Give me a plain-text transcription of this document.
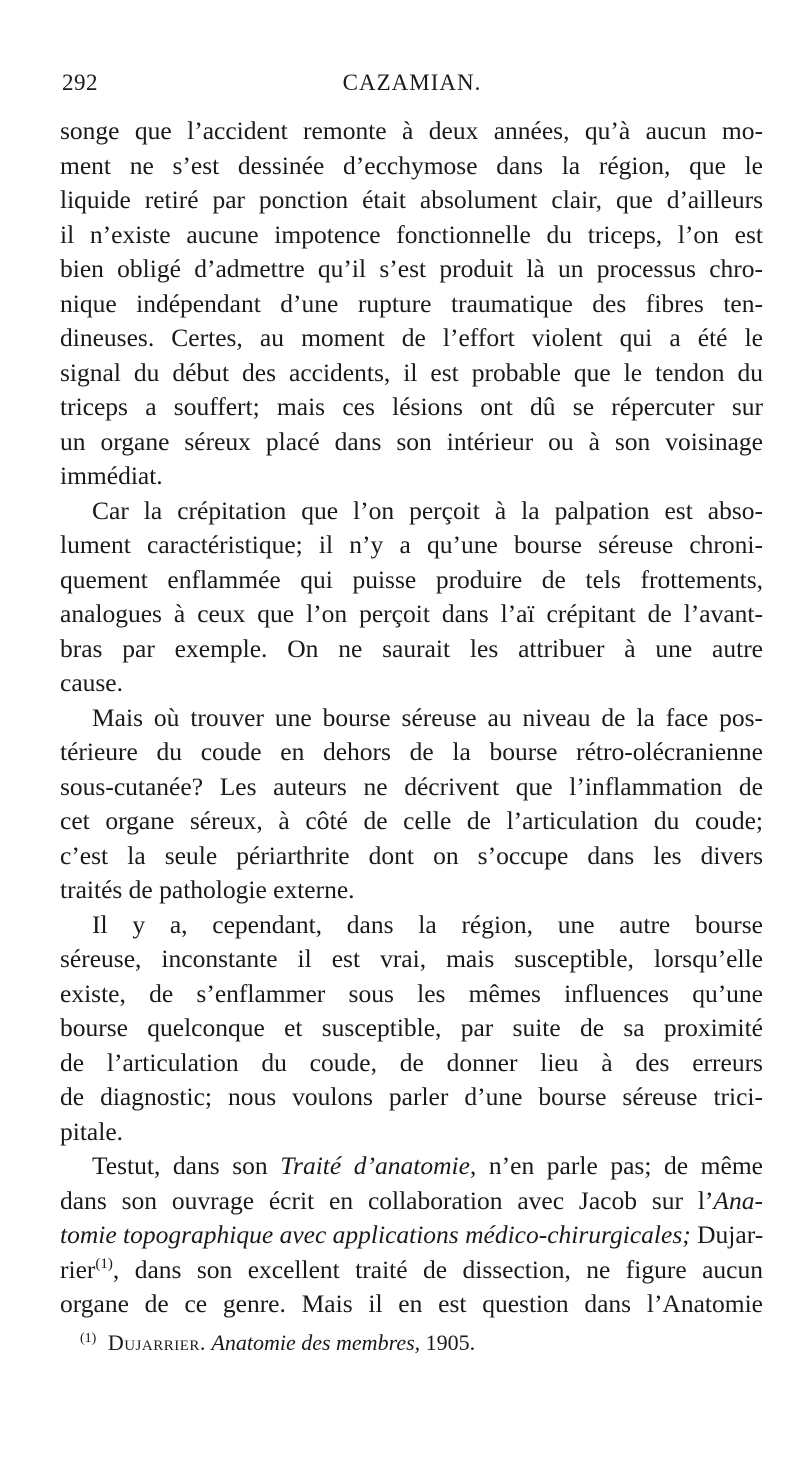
292	CAZAMIAN.
songe que l’accident remonte à deux années, qu’à aucun mo-
ment ne s’est dessinée d’ecchymose dans la région, que le
liquide retiré par ponction était absolument clair, que d’ailleurs
il n’existe aucune impotence fonctionnelle du triceps, l’on est
bien obligé d’admettre qu’il s’est produit là un processus chro-
nique indépendant d’une rupture traumatique des fibres ten-
dineuses. Certes, au moment de l’effort violent qui a été le
signal du début des accidents, il est probable que le tendon du
triceps a souffert; mais ces lésions ont dû se répercuter sur
un organe séreux placé dans son intérieur ou à son voisinage
immédiat.
Car la crépitation que l’on perçoit à la palpation est abso-
lument caractéristique; il n’y a qu’une bourse séreuse chroni-
quement enflammée qui puisse produire de tels frottements,
analogues à ceux que l’on perçoit dans l’aï crépitant de l’avant-
bras par exemple. On ne saurait les attribuer à une autre
cause.
Mais où trouver une bourse séreuse au niveau de la face pos-
térieure du coude en dehors de la bourse rétro-olécranienne
sous-cutanée? Les auteurs ne décrivent que l’inflammation de
cet organe séreux, à côté de celle de l’articulation du coude;
c’est la seule périarthrite dont on s’occupe dans les divers
traités de pathologie externe.
Il y a, cependant, dans la région, une autre bourse
séreuse, inconstante il est vrai, mais susceptible, lorsqu’elle
existe, de s’enflammer sous les mêmes influences qu’une
bourse quelconque et susceptible, par suite de sa proximité
de l’articulation du coude, de donner lieu à des erreurs
de diagnostic; nous voulons parler d’une bourse séreuse trici-
pitale.
Testut, dans son Traité d’anatomie, n’en parle pas; de même
dans son ouvrage écrit en collaboration avec Jacob sur l’Ana-
tomie topographique avec applications médico-chirurgicales; Dujar-
rier$^{(1)}$, dans son excellent traité de dissection, ne figure aucun
organe de ce genre. Mais il en est question dans l’Anatomie
$^{(1)}$ Dujarrier. Anatomie des membres, 1905.
